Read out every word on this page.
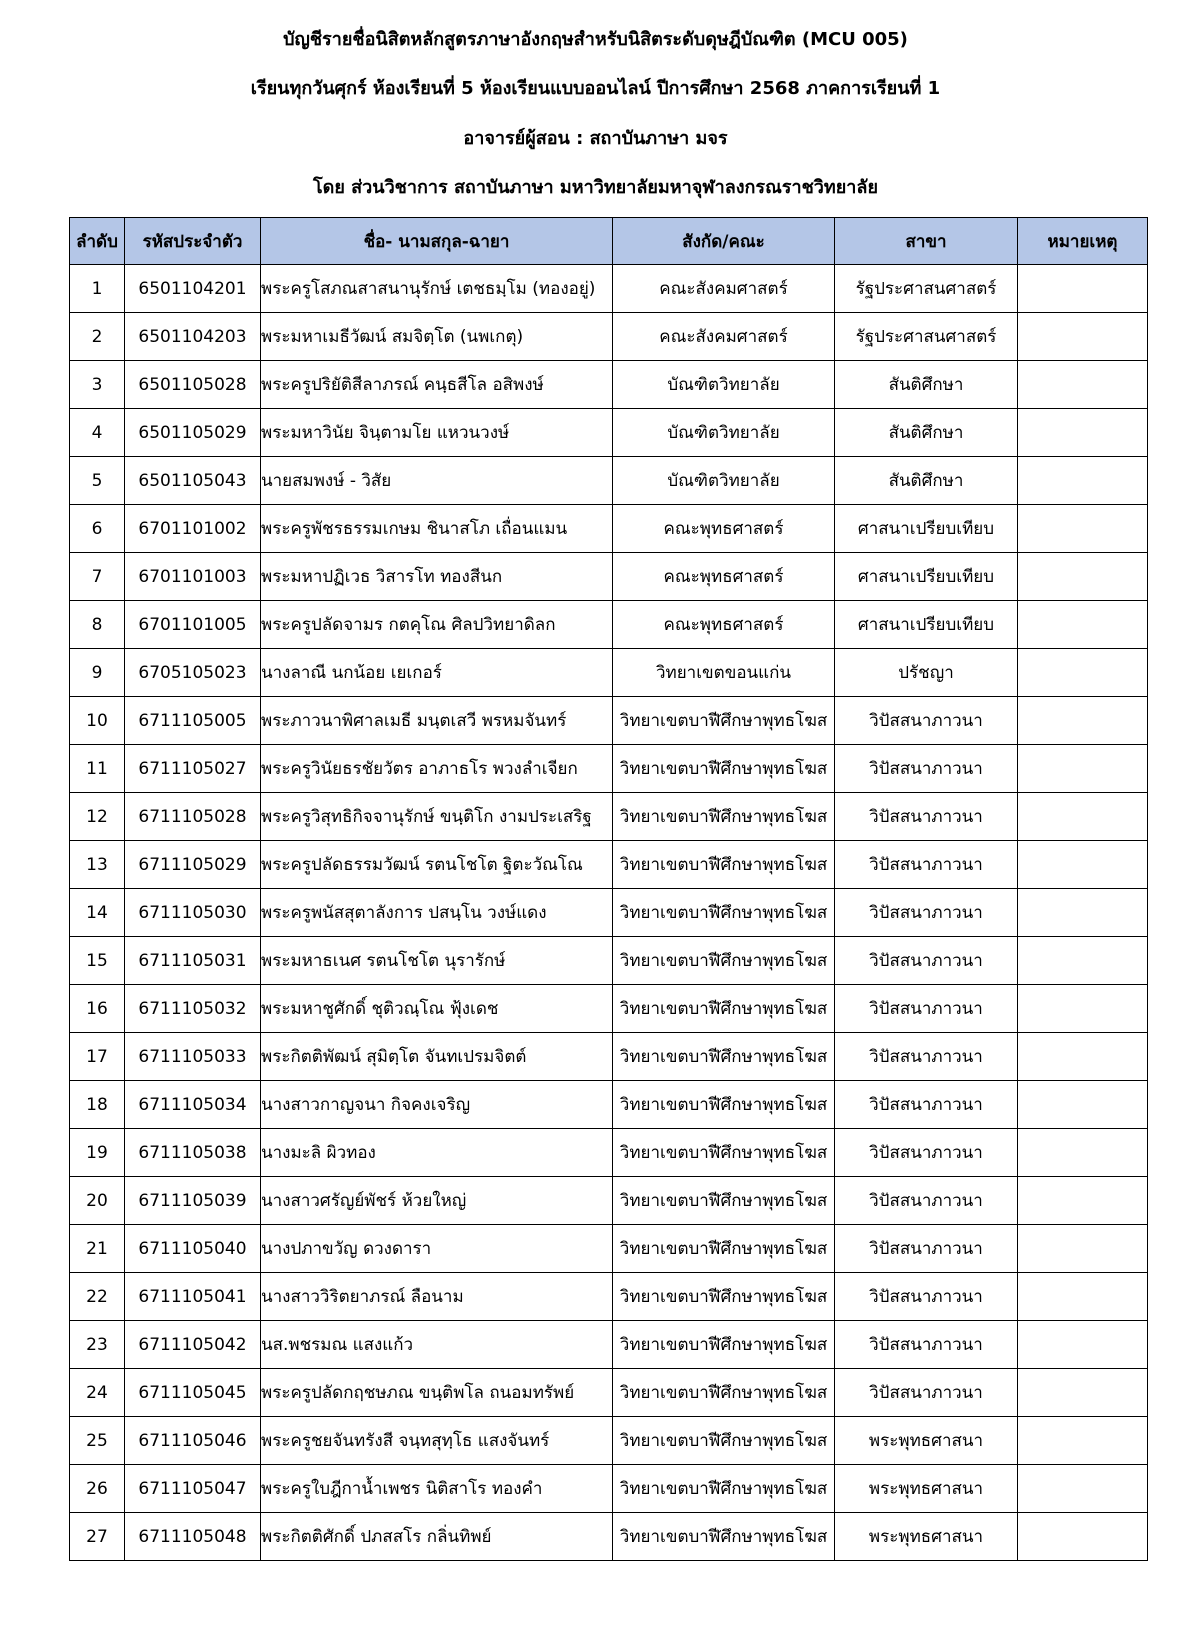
บัญชีรายชื่อนิสิตหลักสูตรภาษาอังกฤษสำหรับนิสิตระดับดุษฎีบัณฑิต (MCU 005)
เรียนทุกวันศุกร์ ห้องเรียนที่ 5 ห้องเรียนแบบออนไลน์ ปีการศึกษา 2568 ภาคการเรียนที่ 1
อาจารย์ผู้สอน : สถาบันภาษา มจร
โดย ส่วนวิชาการ สถาบันภาษา มหาวิทยาลัยมหาจุฬาลงกรณราชวิทยาลัย
ลำดับ	รหัสประจำตัว	ชื่อ- นามสกุล-ฉายา	สังกัด/คณะ	สาขา	หมายเหตุ
1	6501104201	พระครูโสภณสาสนานุรักษ์ เตชธมฺโม (ทองอยู่)	คณะสังคมศาสตร์	รัฐประศาสนศาสตร์	
2	6501104203	พระมหาเมธีวัฒน์ สมจิตฺโต (นพเกตุ)	คณะสังคมศาสตร์	รัฐประศาสนศาสตร์	
3	6501105028	พระครูปริยัติสีลาภรณ์ คนฺธสีโล อสิพงษ์	บัณฑิตวิทยาลัย	สันติศึกษา	
4	6501105029	พระมหาวินัย จินฺตามโย แหวนวงษ์	บัณฑิตวิทยาลัย	สันติศึกษา	
5	6501105043	นายสมพงษ์ - วิสัย	บัณฑิตวิทยาลัย	สันติศึกษา	
6	6701101002	พระครูพัชรธรรมเกษม ชินาสโภ เถื่อนแมน	คณะพุทธศาสตร์	ศาสนาเปรียบเทียบ	
7	6701101003	พระมหาปฏิเวธ วิสารโท ทองสีนก	คณะพุทธศาสตร์	ศาสนาเปรียบเทียบ	
8	6701101005	พระครูปลัดจามร กตคุโณ ศิลปวิทยาดิลก	คณะพุทธศาสตร์	ศาสนาเปรียบเทียบ	
9	6705105023	นางลาณี นกน้อย เยเกอร์	วิทยาเขตขอนแก่น	ปรัชญา	
10	6711105005	พระภาวนาพิศาลเมธี มนฺตเสวี พรหมจันทร์	วิทยาเขตบาฬีศึกษาพุทธโฆส	วิปัสสนาภาวนา	
11	6711105027	พระครูวินัยธรชัยวัตร อาภาธโร พวงลำเจียก	วิทยาเขตบาฬีศึกษาพุทธโฆส	วิปัสสนาภาวนา	
12	6711105028	พระครูวิสุทธิกิจจานุรักษ์ ขนฺติโก งามประเสริฐ	วิทยาเขตบาฬีศึกษาพุทธโฆส	วิปัสสนาภาวนา	
13	6711105029	พระครูปลัดธรรมวัฒน์ รตนโชโต ฐิตะวัณโณ	วิทยาเขตบาฬีศึกษาพุทธโฆส	วิปัสสนาภาวนา	
14	6711105030	พระครูพนัสสุตาลังการ ปสนฺโน วงษ์แดง	วิทยาเขตบาฬีศึกษาพุทธโฆส	วิปัสสนาภาวนา	
15	6711105031	พระมหาธเนศ รตนโชโต นุรารักษ์	วิทยาเขตบาฬีศึกษาพุทธโฆส	วิปัสสนาภาวนา	
16	6711105032	พระมหาชูศักดิ์ ชุติวณฺโณ ฟุ้งเดช	วิทยาเขตบาฬีศึกษาพุทธโฆส	วิปัสสนาภาวนา	
17	6711105033	พระกิตติพัฒน์ สุมิตฺโต จันทเปรมจิตต์	วิทยาเขตบาฬีศึกษาพุทธโฆส	วิปัสสนาภาวนา	
18	6711105034	นางสาวกาญจนา กิจคงเจริญ	วิทยาเขตบาฬีศึกษาพุทธโฆส	วิปัสสนาภาวนา	
19	6711105038	นางมะลิ ผิวทอง	วิทยาเขตบาฬีศึกษาพุทธโฆส	วิปัสสนาภาวนา	
20	6711105039	นางสาวศรัญย์พัชร์ ห้วยใหญ่	วิทยาเขตบาฬีศึกษาพุทธโฆส	วิปัสสนาภาวนา	
21	6711105040	นางปภาขวัญ ดวงดารา	วิทยาเขตบาฬีศึกษาพุทธโฆส	วิปัสสนาภาวนา	
22	6711105041	นางสาววิริตยาภรณ์ ลือนาม	วิทยาเขตบาฬีศึกษาพุทธโฆส	วิปัสสนาภาวนา	
23	6711105042	นส.พชรมณ แสงแก้ว	วิทยาเขตบาฬีศึกษาพุทธโฆส	วิปัสสนาภาวนา	
24	6711105045	พระครูปลัดกฤชษภณ ขนฺติพโล ถนอมทรัพย์	วิทยาเขตบาฬีศึกษาพุทธโฆส	วิปัสสนาภาวนา	
25	6711105046	พระครูชยจันทรังสี จนฺทสุทฺโธ แสงจันทร์	วิทยาเขตบาฬีศึกษาพุทธโฆส	พระพุทธศาสนา	
26	6711105047	พระครูใบฎีกาน้ำเพชร นิติสาโร ทองคำ	วิทยาเขตบาฬีศึกษาพุทธโฆส	พระพุทธศาสนา	
27	6711105048	พระกิตติศักดิ์ ปภสสโร กลิ่นทิพย์	วิทยาเขตบาฬีศึกษาพุทธโฆส	พระพุทธศาสนา	
